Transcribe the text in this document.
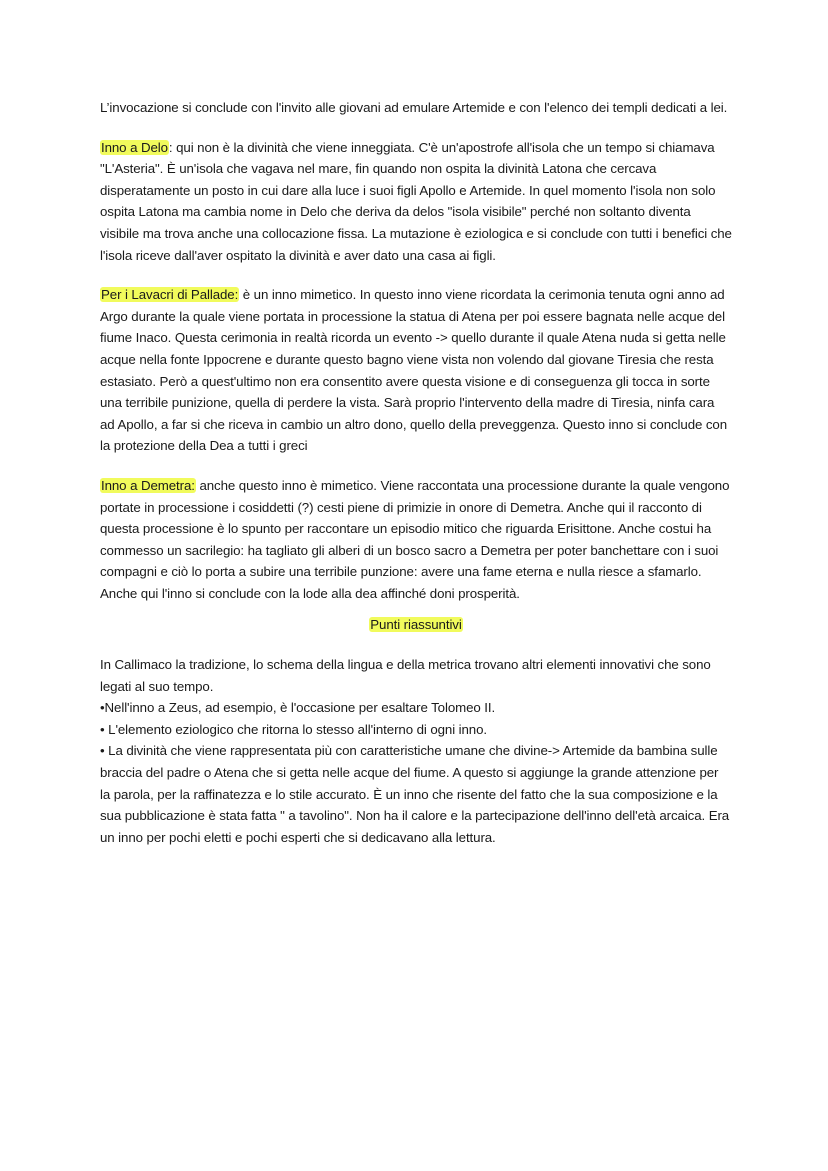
L’invocazione si conclude con l'invito alle giovani ad emulare Artemide e con l'elenco dei templi dedicati a lei.

Inno a Delo: qui non è la divinità che viene inneggiata. C'è un'apostrofe all'isola che un tempo si chiamava "L'Asteria". È un'isola che vagava nel mare, fin quando non ospita la divinità Latona che cercava disperatamente un posto in cui dare alla luce i suoi figli Apollo e Artemide. In quel momento l'isola non solo ospita Latona ma cambia nome in Delo che deriva da delos "isola visibile" perché non soltanto diventa visibile ma trova anche una collocazione fissa. La mutazione è eziologica e si conclude con tutti i benefici che l'isola riceve dall'aver ospitato la divinità e aver dato una casa ai figli.

Per i Lavacri di Pallade: è un inno mimetico. In questo inno viene ricordata la cerimonia tenuta ogni anno ad Argo durante la quale viene portata in processione la statua di Atena per poi essere bagnata nelle acque del fiume Inaco. Questa cerimonia in realtà ricorda un evento -> quello durante il quale Atena nuda si getta nelle acque nella fonte Ippocrene e durante questo bagno viene vista non volendo dal giovane Tiresia che resta estasiato. Però a quest'ultimo non era consentito avere questa visione e di conseguenza gli tocca in sorte una terribile punizione, quella di perdere la vista. Sarà proprio l'intervento della madre di Tiresia, ninfa cara ad Apollo, a far si che riceva in cambio un altro dono, quello della preveggenza. Questo inno si conclude con la protezione della Dea a tutti i greci

Inno a Demetra: anche questo inno è mimetico. Viene raccontata una processione durante la quale vengono portate in processione i cosiddetti (?) cesti piene di primizie in onore di Demetra. Anche qui il racconto di questa processione è lo spunto per raccontare un episodio mitico che riguarda Erisittone. Anche costui ha commesso un sacrilegio: ha tagliato gli alberi di un bosco sacro a Demetra per poter banchettare con i suoi compagni e ciò lo porta a subire una terribile punzione: avere una fame eterna e nulla riesce a sfamarlo. Anche qui l'inno si conclude con la lode alla dea affinché doni prosperità.

Punti riassuntivi

In Callimaco la tradizione, lo schema della lingua e della metrica trovano altri elementi innovativi che sono legati al suo tempo.

•Nell'inno a Zeus, ad esempio, è l'occasione per esaltare Tolomeo II.

• L'elemento eziologico che ritorna lo stesso all'interno di ogni inno.

• La divinità che viene rappresentata più con caratteristiche umane che divine-> Artemide da bambina sulle braccia del padre o Atena che si getta nelle acque del fiume. A questo si aggiunge la grande attenzione per la parola, per la raffinatezza e lo stile accurato. È un inno che risente del fatto che la sua composizione e la sua pubblicazione è stata fatta " a tavolino". Non ha il calore e la partecipazione dell'inno dell'età arcaica. Era un inno per pochi eletti e pochi esperti che si dedicavano alla lettura.
